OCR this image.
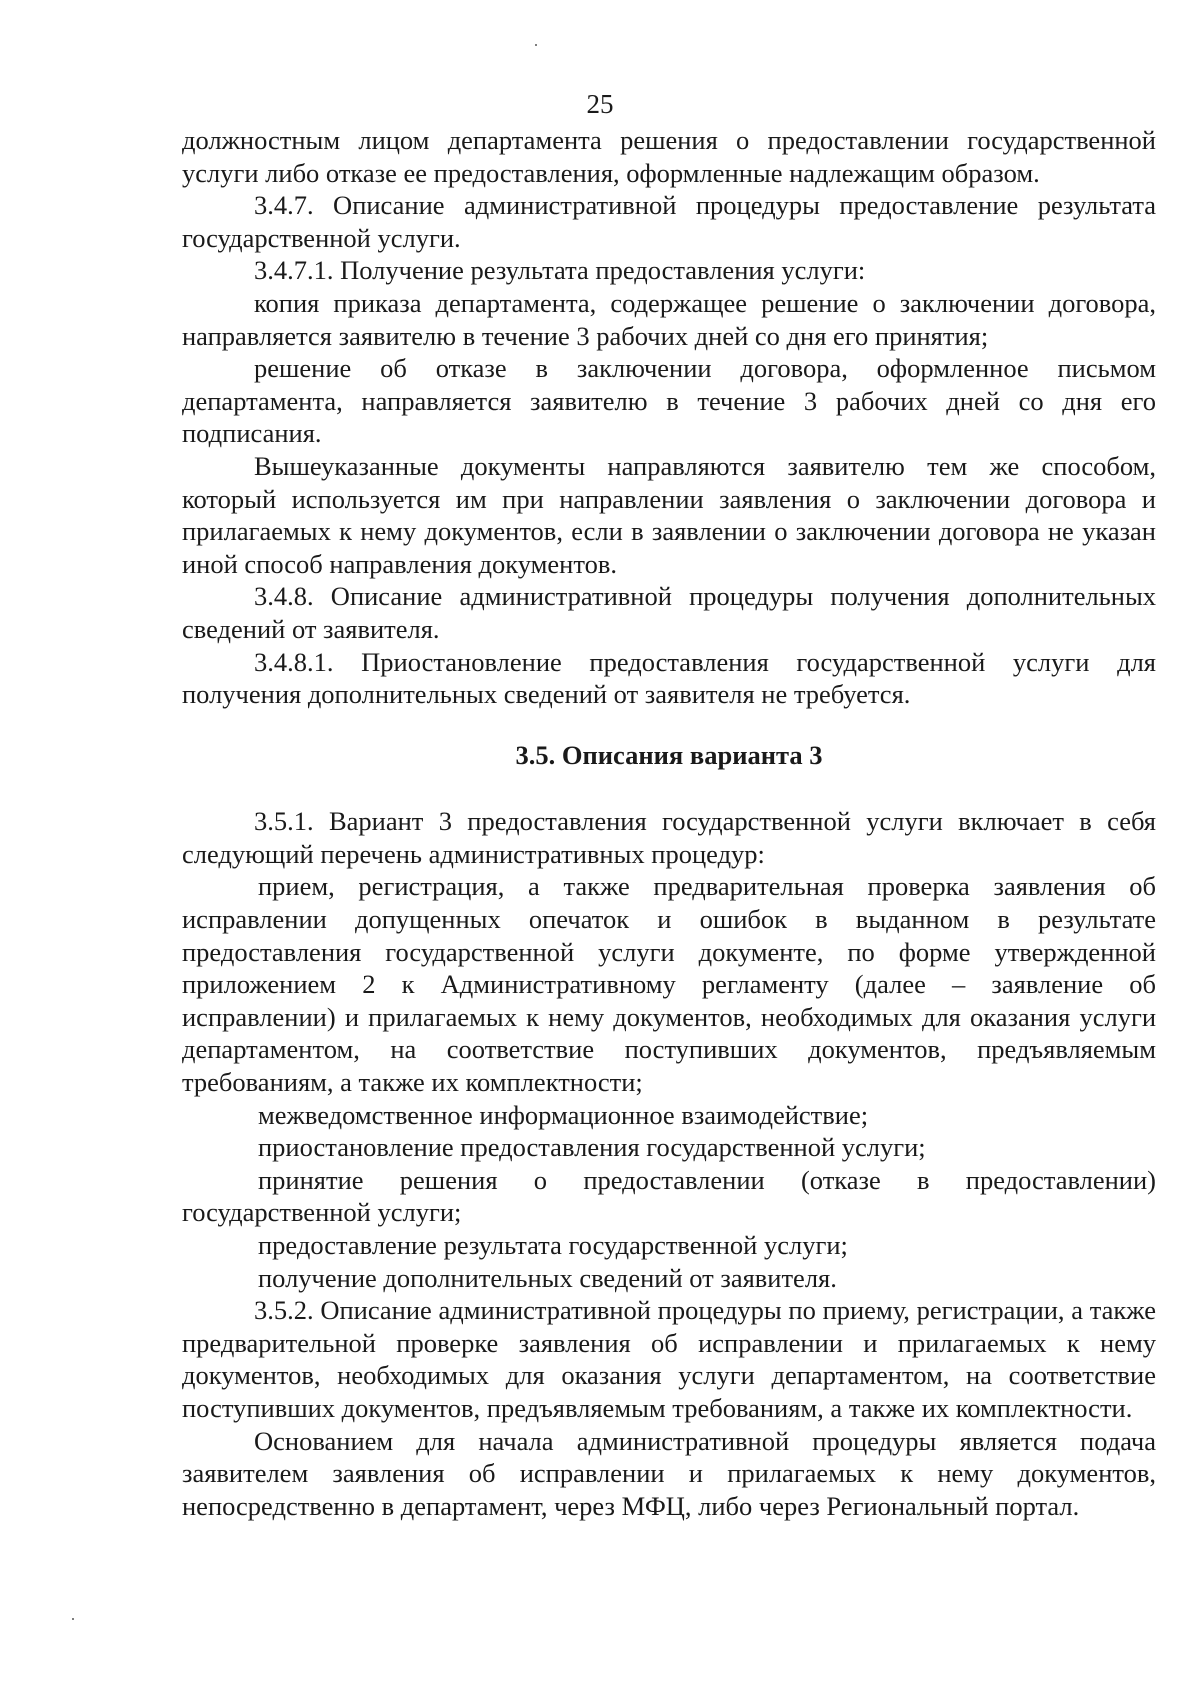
25

должностным лицом департамента решения о предоставлении государственной услуги либо отказе ее предоставления, оформленные надлежащим образом.

3.4.7. Описание административной процедуры предоставление результата государственной услуги.

3.4.7.1. Получение результата предоставления услуги:

копия приказа департамента, содержащее решение о заключении договора, направляется заявителю в течение 3 рабочих дней со дня его принятия;

решение об отказе в заключении договора, оформленное письмом департамента, направляется заявителю в течение 3 рабочих дней со дня его подписания.

Вышеуказанные документы направляются заявителю тем же способом, который используется им при направлении заявления о заключении договора и прилагаемых к нему документов, если в заявлении о заключении договора не указан иной способ направления документов.

3.4.8. Описание административной процедуры получения дополнительных сведений от заявителя.

3.4.8.1. Приостановление предоставления государственной услуги для получения дополнительных сведений от заявителя не требуется.

3.5. Описания варианта 3

3.5.1. Вариант 3 предоставления государственной услуги включает в себя следующий перечень административных процедур:

прием, регистрация, а также предварительная проверка заявления об исправлении допущенных опечаток и ошибок в выданном в результате предоставления государственной услуги документе, по форме утвержденной приложением 2 к Административному регламенту (далее – заявление об исправлении) и прилагаемых к нему документов, необходимых для оказания услуги департаментом, на соответствие поступивших документов, предъявляемым требованиям, а также их комплектности;

межведомственное информационное взаимодействие;

приостановление предоставления государственной услуги;

принятие решения о предоставлении (отказе в предоставлении) государственной услуги;

предоставление результата государственной услуги;

получение дополнительных сведений от заявителя.

3.5.2. Описание административной процедуры по приему, регистрации, а также предварительной проверке заявления об исправлении и прилагаемых к нему документов, необходимых для оказания услуги департаментом, на соответствие поступивших документов, предъявляемым требованиям, а также их комплектности.

Основанием для начала административной процедуры является подача заявителем заявления об исправлении и прилагаемых к нему документов, непосредственно в департамент, через МФЦ, либо через Региональный портал.
